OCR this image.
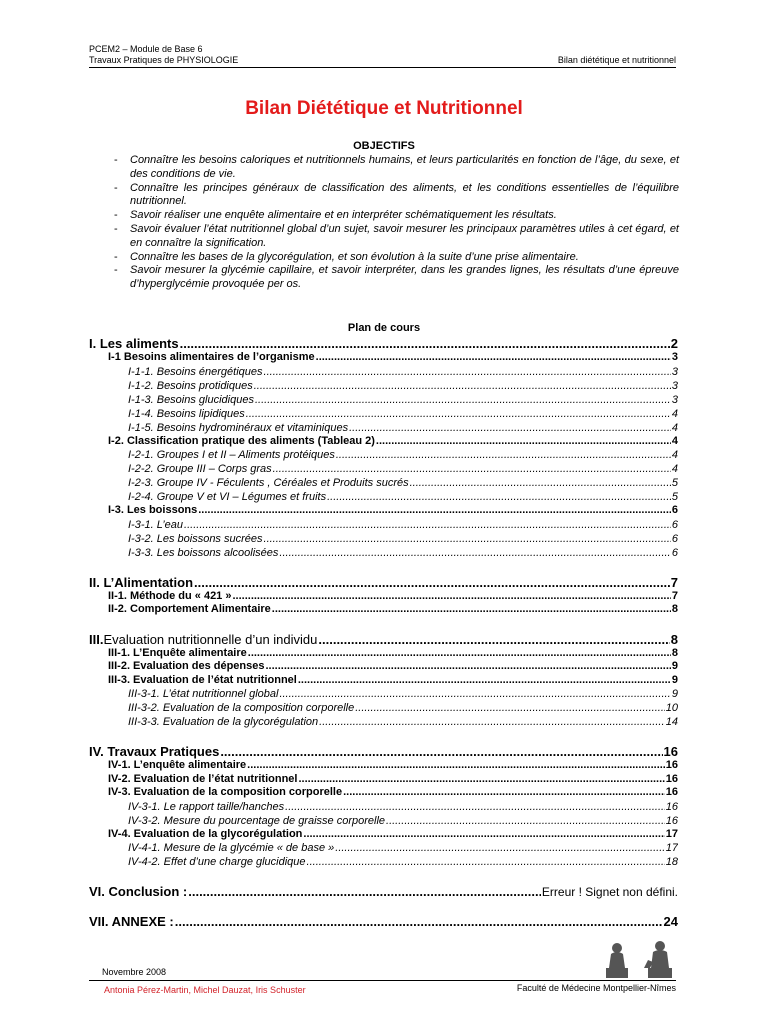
PCEM2 – Module de Base 6
Travaux Pratiques de PHYSIOLOGIE	Bilan diététique et nutritionnel
Bilan Diététique et Nutritionnel
OBJECTIFS
- Connaître les besoins caloriques et nutritionnels humains, et leurs particularités en fonction de l’âge, du sexe, et des conditions de vie.
- Connaître les principes généraux de classification des aliments, et les conditions essentielles de l’équilibre nutritionnel.
- Savoir réaliser une enquête alimentaire et en interpréter schématiquement les résultats.
- Savoir évaluer l’état nutritionnel global d’un sujet, savoir mesurer les principaux paramètres utiles à cet égard, et en connaître la signification.
- Connaître les bases de la glycorégulation, et son évolution à la suite d’une prise alimentaire.
- Savoir mesurer la glycémie capillaire, et savoir interpréter, dans les grandes lignes, les résultats d’une épreuve d’hyperglycémie provoquée per os.
Plan de cours
I. Les aliments .....	2
I-1 Besoins alimentaires de l’organisme .....	3
I-1-1. Besoins énergétiques .....	3
I-1-2. Besoins protidiques .....	3
I-1-3. Besoins glucidiques .....	3
I-1-4. Besoins lipidiques .....	4
I-1-5. Besoins hydrominéraux et vitaminiques .....	4
I-2. Classification pratique des aliments (Tableau 2) .....	4
I-2-1. Groupes I et II – Aliments protéiques .....	4
I-2-2. Groupe III – Corps gras .....	4
I-2-3. Groupe IV - Féculents , Céréales et Produits sucrés .....	5
I-2-4. Groupe V et VI – Légumes et fruits .....	5
I-3. Les boissons .....	6
I-3-1. L’eau .....	6
I-3-2. Les boissons sucrées .....	6
I-3-3. Les boissons alcoolisées .....	6
II. L’Alimentation .....	7
II-1. Méthode du « 421 » .....	7
II-2. Comportement Alimentaire .....	8
III. Evaluation nutritionnelle d’un individu .....	8
III-1. L’Enquête alimentaire .....	8
III-2. Evaluation des dépenses .....	9
III-3. Evaluation de l’état nutritionnel .....	9
III-3-1. L’état nutritionnel global .....	9
III-3-2. Evaluation de la composition corporelle .....	10
III-3-3. Evaluation de la glycorégulation .....	14
IV. Travaux Pratiques .....	16
IV-1. L’enquête alimentaire .....	16
IV-2. Evaluation de l’état nutritionnel .....	16
IV-3. Evaluation de la composition corporelle .....	16
IV-3-1. Le rapport taille/hanches .....	16
IV-3-2. Mesure du pourcentage de graisse corporelle .....	16
IV-4. Evaluation de la glycorégulation .....	17
IV-4-1. Mesure de la glycémie « de base » .....	17
IV-4-2. Effet d’une charge glucidique .....	18
VI. Conclusion : .....	Erreur ! Signet non défini.
VII. ANNEXE : .....	24
Novembre 2008
Antonia Pérez-Martin, Michel Dauzat, Iris Schuster	Faculté de Médecine Montpellier-Nîmes
